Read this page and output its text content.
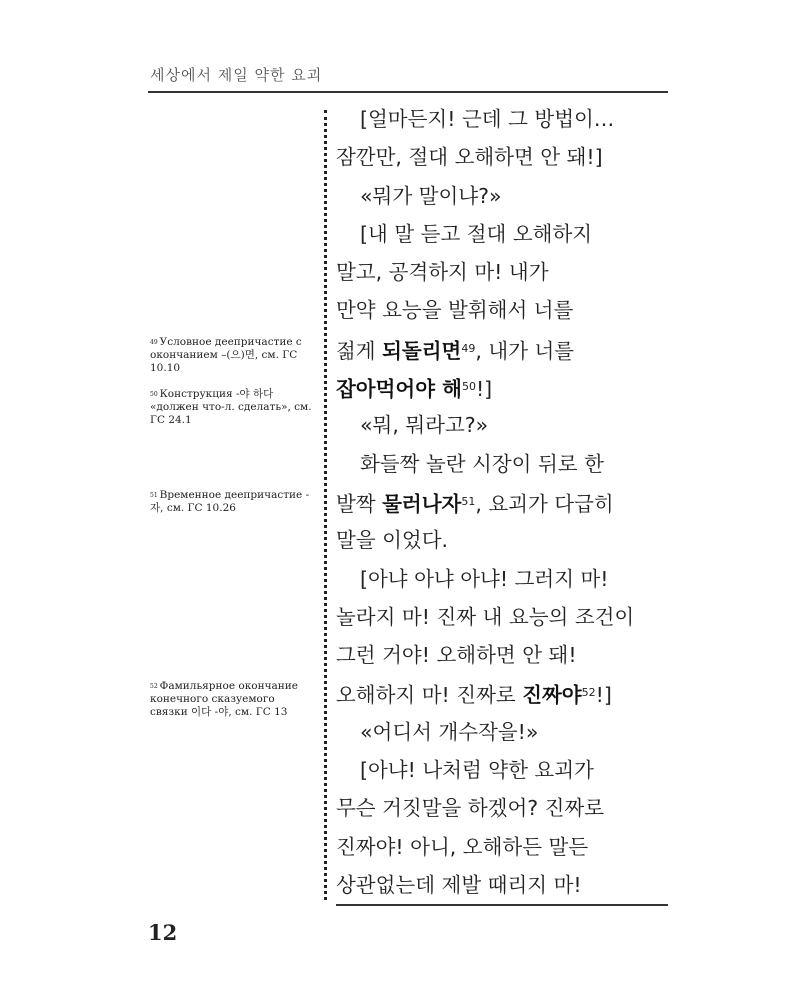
세상에서 제일 약한 요괴
$^{49}$ Условное деепричастие с окончанием –(으)면, см. ГС 10.10
$^{50}$ Конструкция -야 하다 «должен что-л. сделать», см. ГС 24.1
$^{51}$ Временное деепричастие -자, см. ГС 10.26
$^{52}$ Фамильярное окончание конечного сказуемого связки 이다 -야, см. ГС 13
[얼마든지! 근데 그 방법이…
잠깐만, 절대 오해하면 안 돼!]
«뭐가 말이냐?»
[내 말 듣고 절대 오해하지
말고, 공격하지 마! 내가
만약 요능을 발휘해서 너를
젊게 되돌리면$^{49}$, 내가 너를
잡아먹어야 해$^{50}$!]
«뭐, 뭐라고?»
화들짝 놀란 시장이 뒤로 한
발짝 물러나자$^{51}$, 요괴가 다급히
말을 이었다.
[아냐 아냐 아냐! 그러지 마!
놀라지 마! 진짜 내 요능의 조건이
그런 거야! 오해하면 안 돼!
오해하지 마! 진짜로 진짜야$^{52}$!]
«어디서 개수작을!»
[아냐! 나처럼 약한 요괴가
무슨 거짓말을 하겠어? 진짜로
진짜야! 아니, 오해하든 말든
상관없는데 제발 때리지 마!
12
